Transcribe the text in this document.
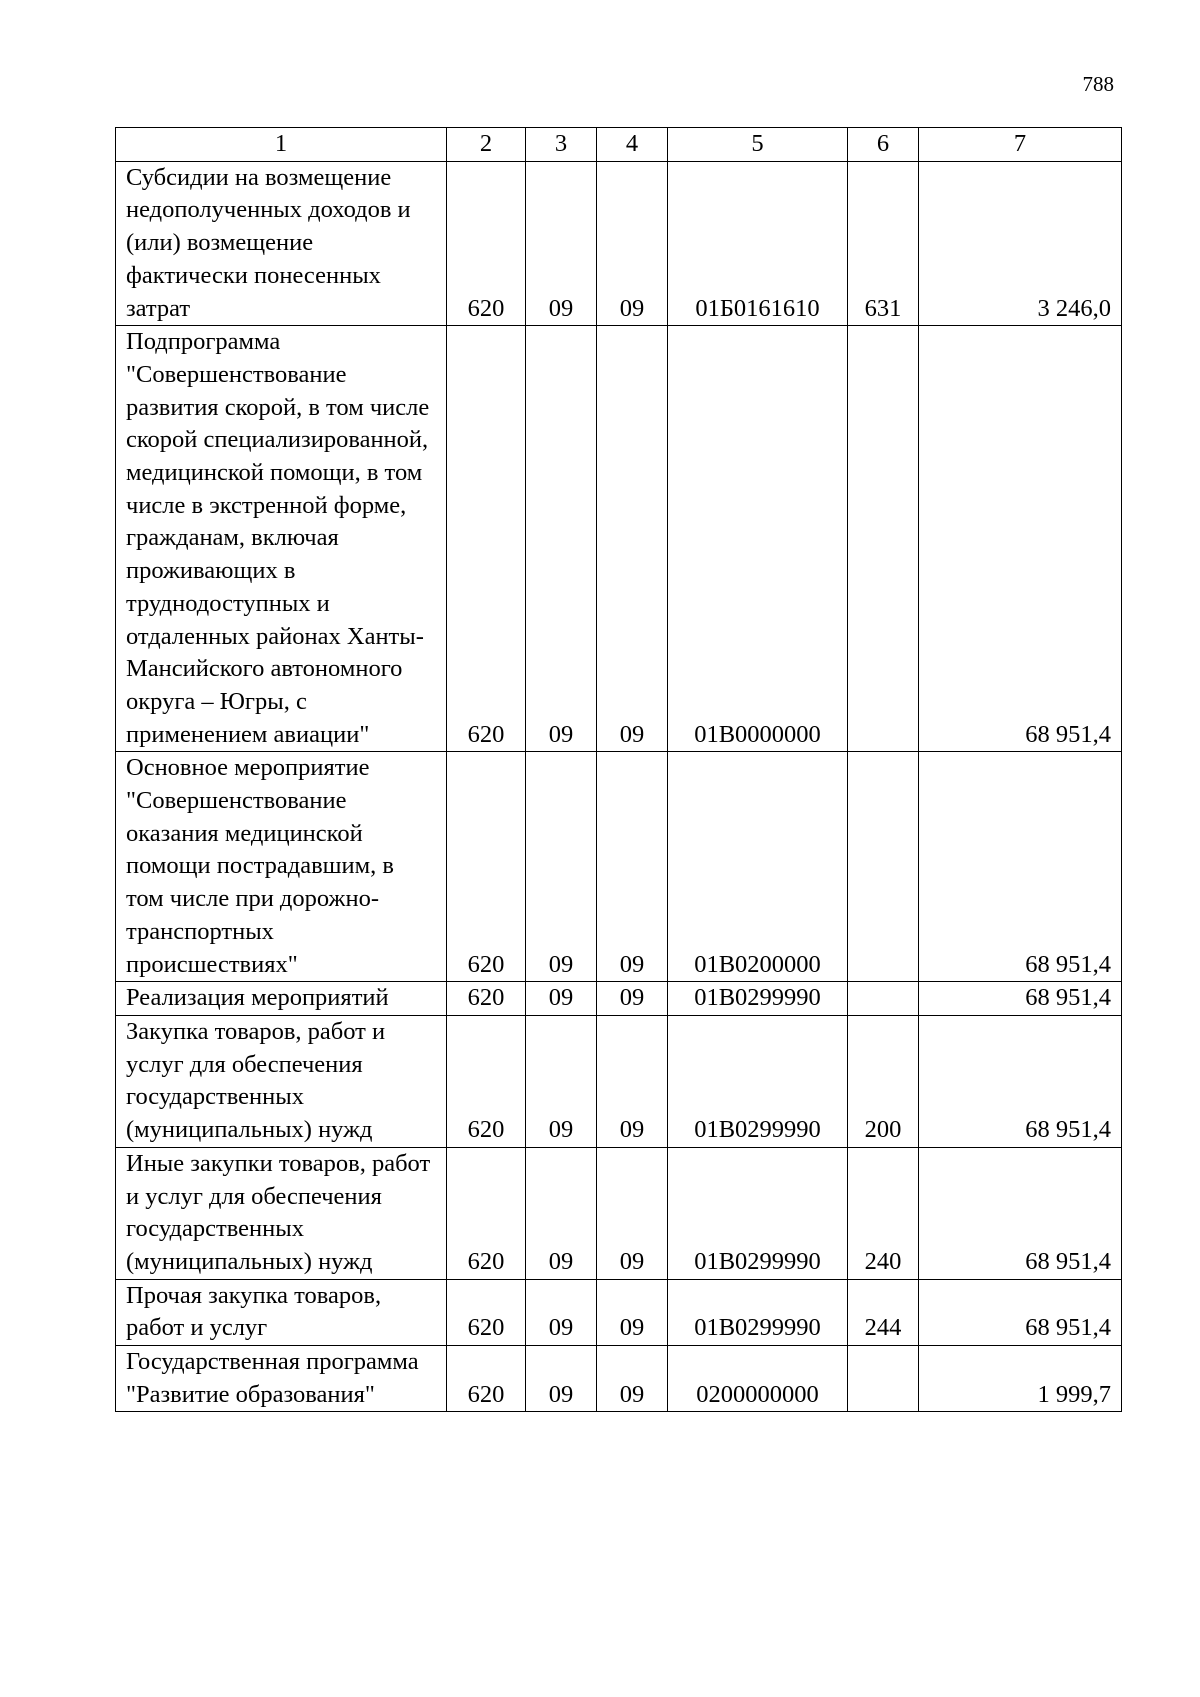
788
1	2	3	4	5	6	7
Субсидии на возмещение недополученных доходов и (или) возмещение фактически понесенных затрат	620	09	09	01Б0161610	631	3 246,0
Подпрограмма "Совершенствование развития скорой, в том числе скорой специализированной, медицинской помощи, в том числе в экстренной форме, гражданам, включая проживающих в труднодоступных и отдаленных районах Ханты-Мансийского автономного округа – Югры, с применением авиации"	620	09	09	01В0000000		68 951,4
Основное мероприятие "Совершенствование оказания медицинской помощи пострадавшим, в том числе при дорожно-транспортных происшествиях"	620	09	09	01В0200000		68 951,4
Реализация мероприятий	620	09	09	01В0299990		68 951,4
Закупка товаров, работ и услуг для обеспечения государственных (муниципальных) нужд	620	09	09	01В0299990	200	68 951,4
Иные закупки товаров, работ и услуг для обеспечения государственных (муниципальных) нужд	620	09	09	01В0299990	240	68 951,4
Прочая закупка товаров, работ и услуг	620	09	09	01В0299990	244	68 951,4
Государственная программа "Развитие образования"	620	09	09	0200000000		1 999,7
